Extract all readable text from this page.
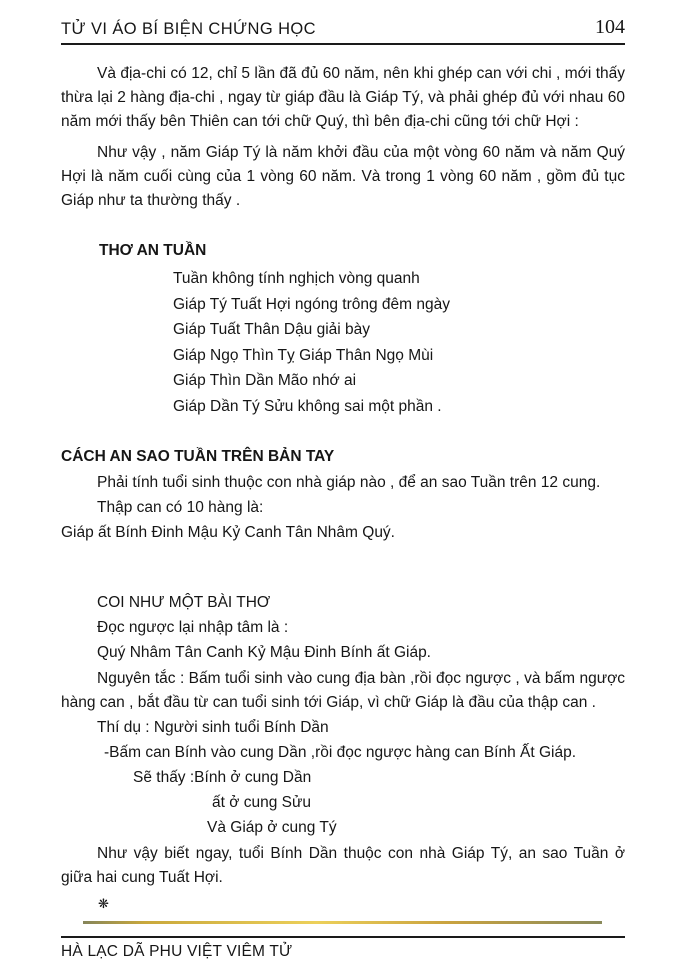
TỬ VI ÁO BÍ BIỆN CHỨNG HỌC	104

Và địa-chi có 12, chỉ 5 lần đã đủ 60 năm, nên khi ghép can với chi , mới thấy thừa lại 2 hàng địa-chi , ngay từ giáp đầu là Giáp Tý, và phải ghép đủ với nhau 60 năm mới thấy bên Thiên can tới chữ Quý, thì bên địa-chi cũng tới chữ Hợi :

Như vậy , năm Giáp Tý là năm khởi đầu của một vòng 60 năm và năm Quý Hợi là năm cuối cùng của 1 vòng 60 năm. Và trong 1 vòng 60 năm , gồm đủ tục Giáp như ta thường thấy .

THƠ AN TUẦN
Tuần không tính nghịch vòng quanh
Giáp Tý Tuất Hợi ngóng trông đêm ngày
Giáp Tuất Thân Dậu giải bày
Giáp Ngọ Thìn Tỵ Giáp Thân Ngọ Mùi
Giáp Thìn Dần Mão nhớ ai
Giáp Dần Tý Sửu không sai một phần .
CÁCH AN SAO TUẦN TRÊN BẢN TAY
Phải tính tuổi sinh thuộc con nhà giáp nào , để an sao Tuần trên 12 cung.
Thập can có 10 hàng là:
Giáp ất Bính Đinh Mậu Kỷ Canh Tân Nhâm Quý.
COI NHƯ MỘT BÀI THƠ
Đọc ngược lại nhập tâm là :
Quý Nhâm Tân Canh Kỷ Mậu Đinh Bính ất Giáp.

Nguyên tắc : Bấm tuổi sinh vào cung địa bàn ,rồi đọc ngược , và bấm ngược hàng can , bắt đầu từ can tuổi sinh tới Giáp, vì chữ Giáp là đầu của thập can .

Thí dụ : Người sinh tuổi Bính Dần
-Bấm can Bính vào cung Dần ,rồi đọc ngược hàng can Bính Ất Giáp.
Sẽ thấy :Bính ở cung Dần
ất ở cung Sửu
Và Giáp ở cung Tý

Như vậy biết ngay, tuổi Bính Dần thuộc con nhà Giáp Tý, an sao Tuần ở giữa hai cung Tuất Hợi.

❋
HÀ LẠC DÃ PHU VIỆT VIÊM TỬ
